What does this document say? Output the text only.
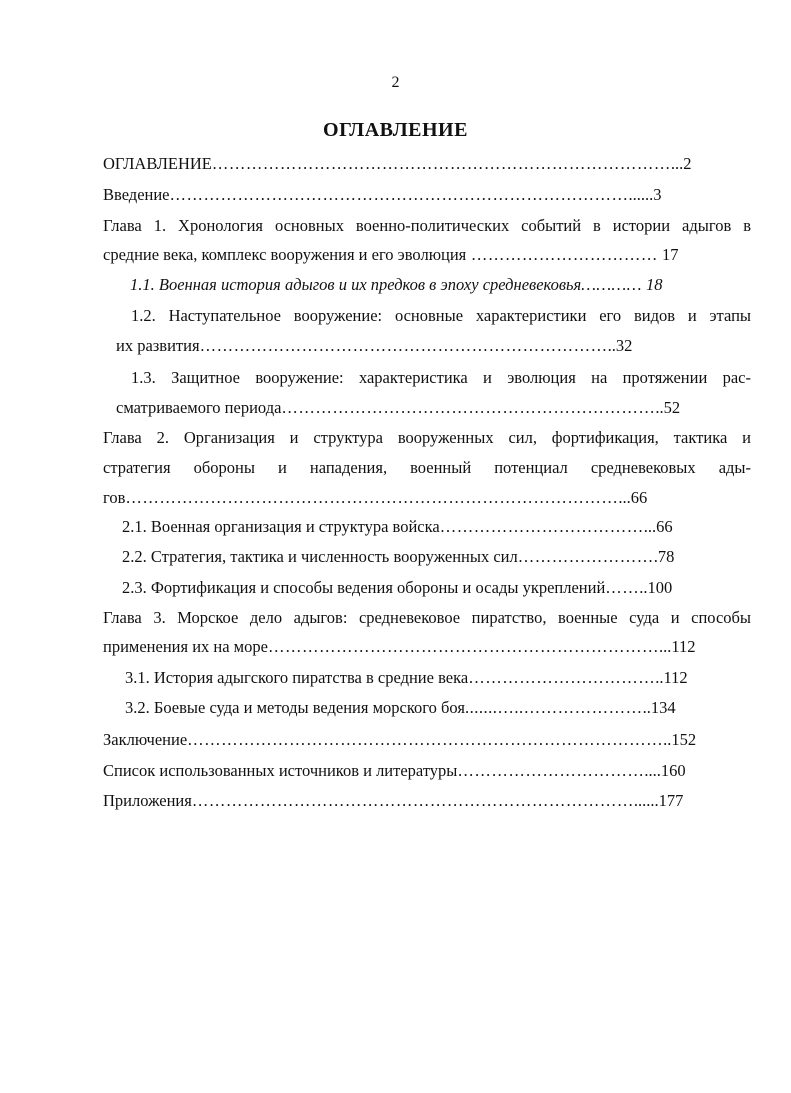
2
ОГЛАВЛЕНИЕ
ОГЛАВЛЕНИЕ………………………………………………………………………...2
Введение………………………………………………………………………......3
Глава 1. Хронология основных военно-политических событий в истории адыгов в
средние века, комплекс вооружения и его эволюция …………………………… 17
1.1. Военная история адыгов и их предков в эпоху средневековья………… 18
1.2. Наступательное вооружение: основные характеристики его видов и этапы
их развития………………………………………………………………..32
1.3. Защитное вооружение: характеристика и эволюция на протяжении рас-
сматриваемого периода…………………………………………………………..52
Глава 2. Организация и структура вооруженных сил, фортификация, тактика и
стратегия обороны и нападения, военный потенциал средневековых ады-
гов……………………………………………………………………………...66
2.1. Военная организация и структура войска………………………………...66
2.2. Стратегия, тактика и численность вооруженных сил…………………….78
2.3. Фортификация и способы ведения обороны и осады укреплений……..100
Глава 3. Морское дело адыгов: средневековое пиратство, военные суда и способы
применения их на море……………………………………………………………...112
3.1. История адыгского пиратства в средние века……………………………..112
3.2. Боевые суда и методы ведения морского боя.......…..…………………..134
Заключение…………………………………………………………………………..152
Список использованных источников и литературы……………………………....160
Приложения……………………………………………………………………......177
